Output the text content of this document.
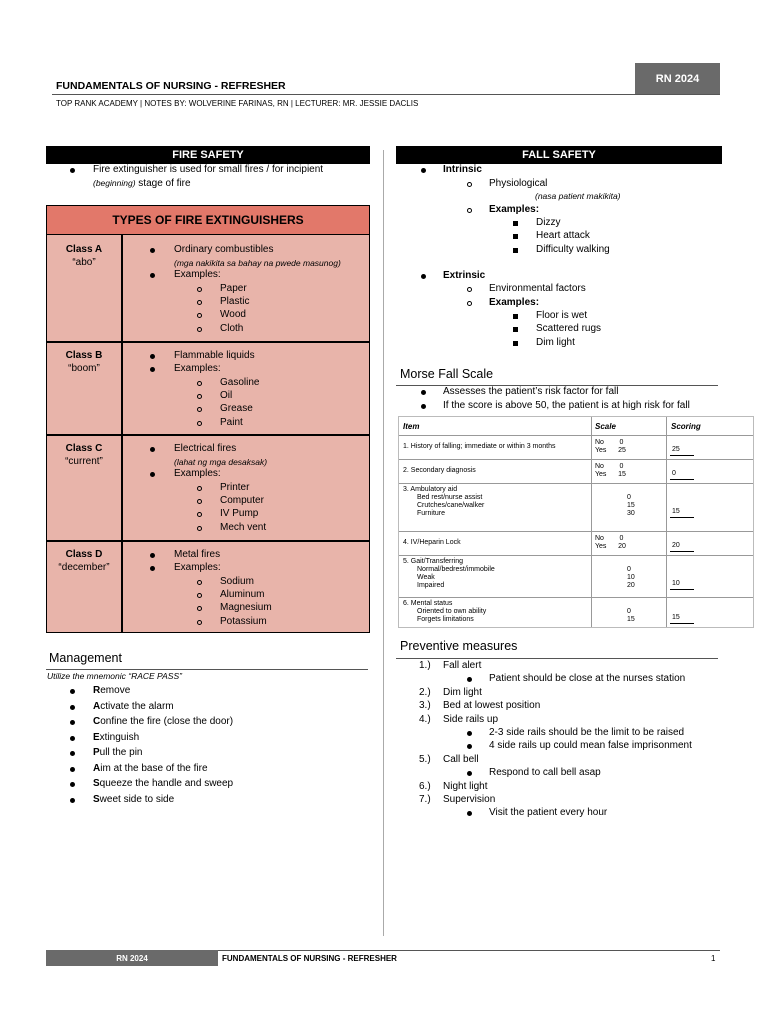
RN 2024
FUNDAMENTALS OF NURSING - REFRESHER
TOP RANK ACADEMY | NOTES BY: WOLVERINE FARINAS, RN | LECTURER: MR. JESSIE DACLIS
FIRE SAFETY
Fire extinguisher is used for small fires / for incipient
(beginning) stage of fire
TYPES OF FIRE EXTINGUISHERS
Class A
“abo”
Ordinary combustibles
(mga nakikita sa bahay na pwede masunog)
Examples:
Paper
Plastic
Wood
Cloth
Class B
“boom”
Flammable liquids
Examples:
Gasoline
Oil
Grease
Paint
Class C
“current”
Electrical fires
(lahat ng mga desaksak)
Examples:
Printer
Computer
IV Pump
Mech vent
Class D
“december”
Metal fires
Examples:
Sodium
Aluminum
Magnesium
Potassium
Management
Utilize the mnemonic “RACE PASS”
Remove
Activate the alarm
Confine the fire (close the door)
Extinguish
Pull the pin
Aim at the base of the fire
Squeeze the handle and sweep
Sweet side to side
FALL SAFETY
Intrinsic
Physiological
(nasa patient makikita)
Examples:
Dizzy
Heart attack
Difficulty walking
Extrinsic
Environmental factors
Examples:
Floor is wet
Scattered rugs
Dim light
Morse Fall Scale
Assesses the patient’s risk factor for fall
If the score is above 50, the patient is at high risk for fall
Item	Scale	Scoring
1. History of falling; immediate or within 3 months
No        0
Yes      25	25
2. Secondary diagnosis
No        0
Yes      15	0
3. Ambulatory aid
Bed rest/nurse assist
Crutches/cane/walker
Furniture
0
15
30	15
4. IV/Heparin Lock
No        0
Yes      20	20
5. Gait/Transferring
Normal/bedrest/immobile
Weak
Impaired
0
10
20	10
6. Mental status
Oriented to own ability
Forgets limitations
0
15	15
Preventive measures
1.) Fall alert
Patient should be close at the nurses station
2.) Dim light
3.) Bed at lowest position
4.) Side rails up
2-3 side rails should be the limit to be raised
4 side rails up could mean false imprisonment
5.) Call bell
Respond to call bell asap
6.) Night light
7.) Supervision
Visit the patient every hour
RN 2024	FUNDAMENTALS OF NURSING - REFRESHER	1
